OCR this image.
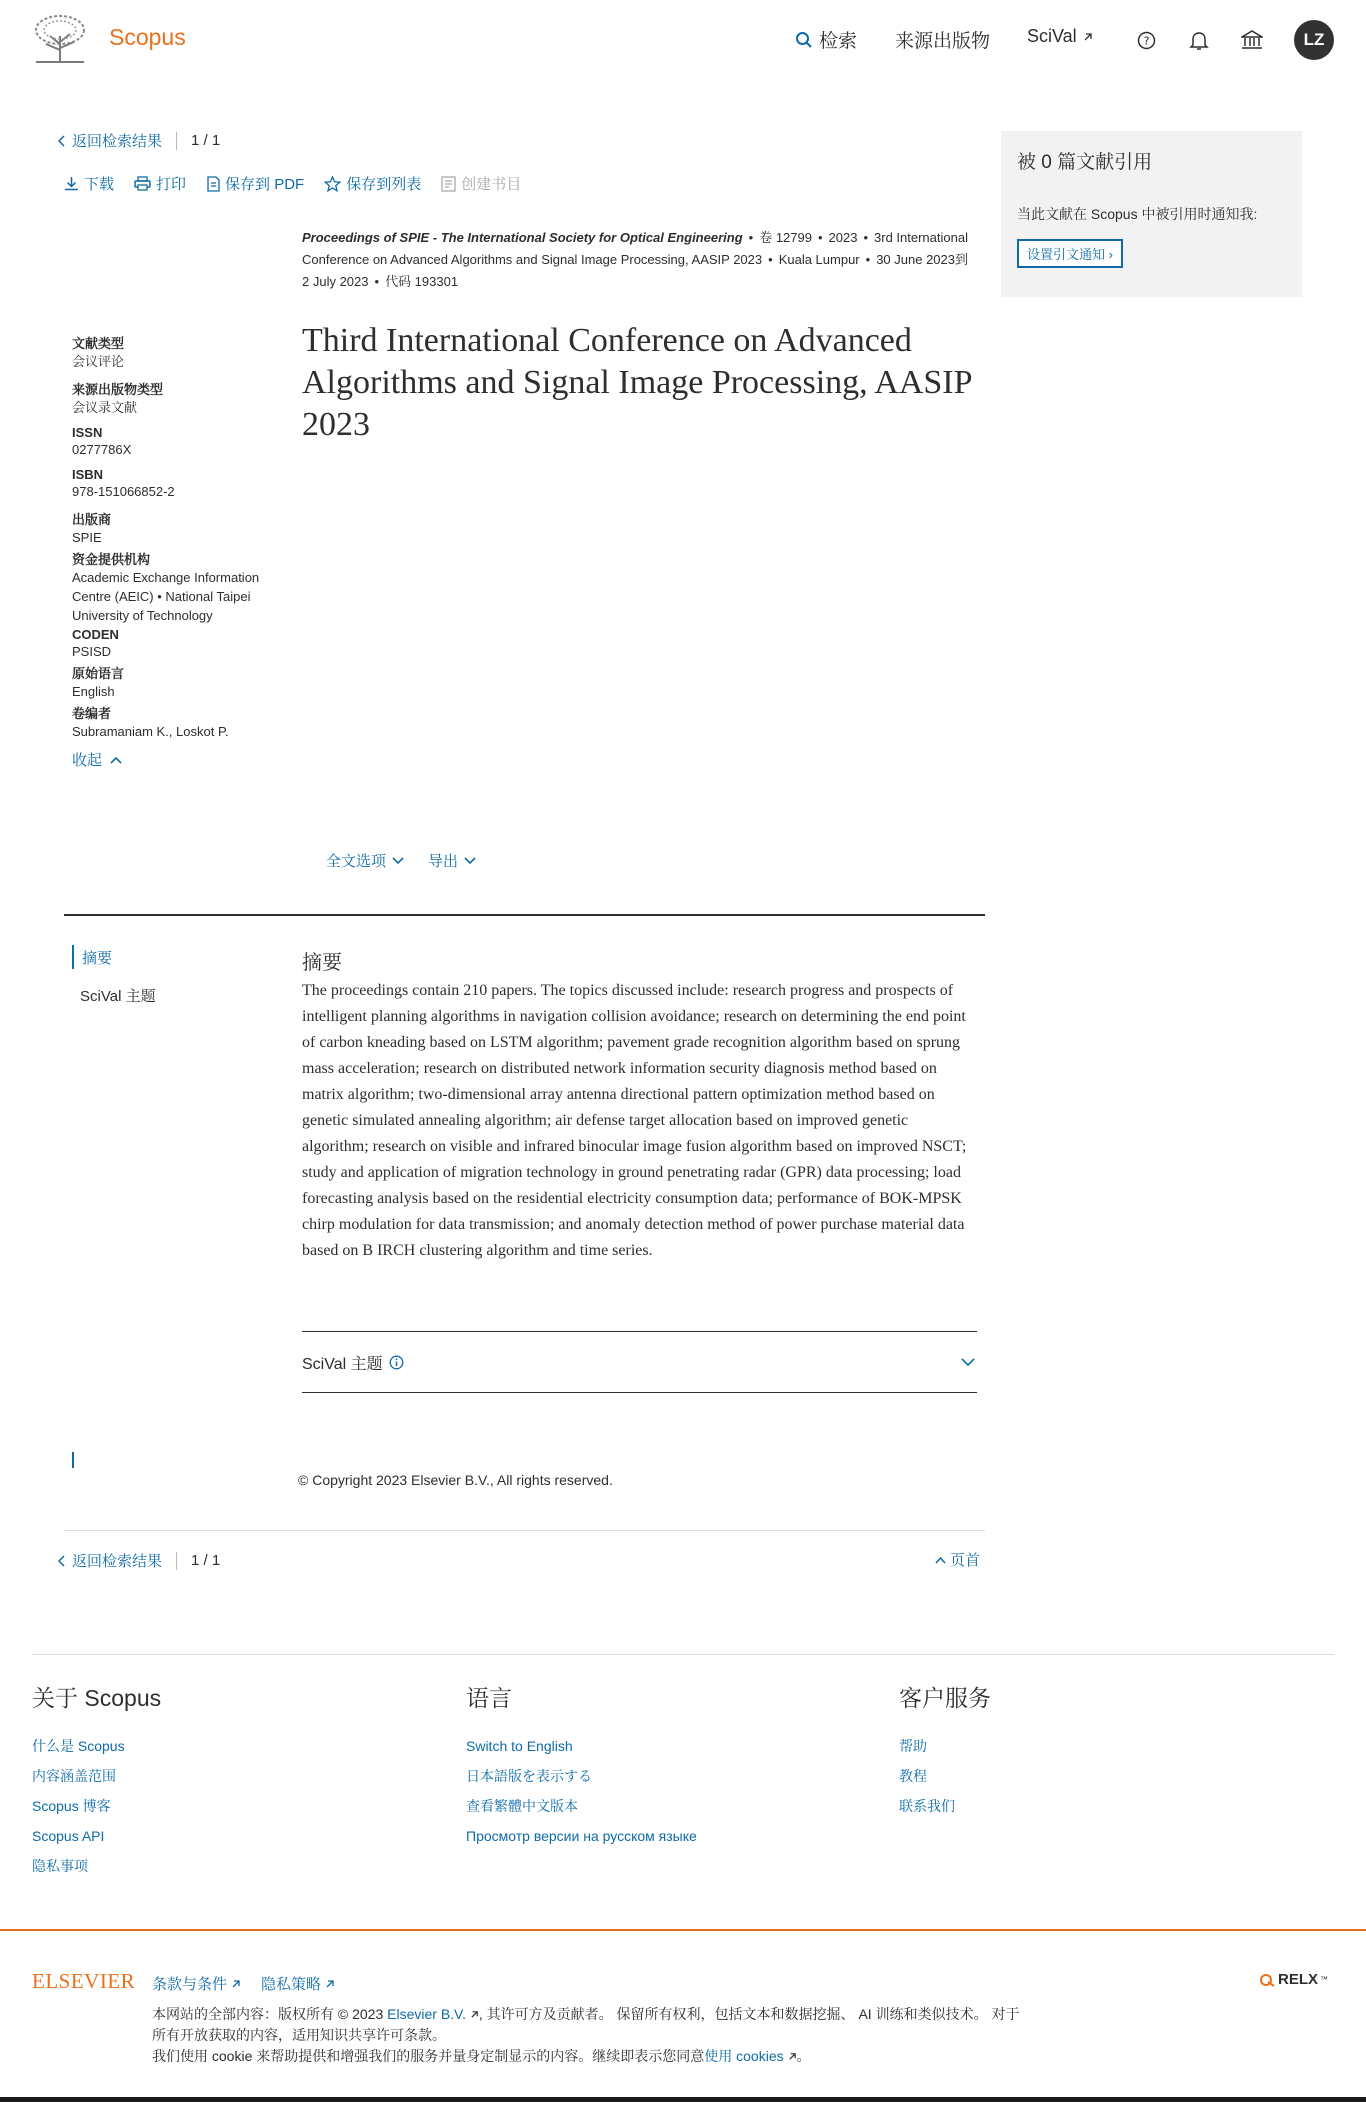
Scopus	检索 来源出版物 SciVal	?	LZ
返回检索结果 1 / 1
下载	打印	保存到 PDF	保存到列表	创建书目
被 0 篇文献引用
当此文献在 Scopus 中被引用时通知我:
设置引文通知 ›
Proceedings of SPIE - The International Society for Optical Engineering • 卷 12799 • 2023 • 3rd International Conference on Advanced Algorithms and Signal Image Processing, AASIP 2023 • Kuala Lumpur • 30 June 2023到 2 July 2023 • 代码 193301
文献类型
会议评论
来源出版物类型
会议录文献
ISSN
0277786X
ISBN
978-151066852-2
出版商
SPIE
资金提供机构
Academic Exchange Information Centre (AEIC) • National Taipei University of Technology
CODEN
PSISD
原始语言
English
卷编者
Subramaniam K., Loskot P.
收起
Third International Conference on Advanced Algorithms and Signal Image Processing, AASIP 2023
全文选项	导出
摘要
SciVal 主题
摘要

The proceedings contain 210 papers. The topics discussed include: research progress and prospects of intelligent planning algorithms in navigation collision avoidance; research on determining the end point of carbon kneading based on LSTM algorithm; pavement grade recognition algorithm based on sprung mass acceleration; research on distributed network information security diagnosis method based on matrix algorithm; two-dimensional array antenna directional pattern optimization method based on genetic simulated annealing algorithm; air defense target allocation based on improved genetic algorithm; research on visible and infrared binocular image fusion algorithm based on improved NSCT; study and application of migration technology in ground penetrating radar (GPR) data processing; load forecasting analysis based on the residential electricity consumption data; performance of BOK-MPSK chirp modulation for data transmission; and anomaly detection method of power purchase material data based on B IRCH clustering algorithm and time series.

SciVal 主题
© Copyright 2023 Elsevier B.V., All rights reserved.
返回检索结果 1 / 1	页首
关于 Scopus
什么是 Scopus
内容涵盖范围
Scopus 博客
Scopus API
隐私事项
语言
Switch to English
日本語版を表示する
查看繁體中文版本
Просмотр версии на русском языке
客户服务
帮助
教程
联系我们
ELSEVIER 条款与条件 隐私策略	RELX ™
本网站的全部内容：版权所有 © 2023 Elsevier B.V. , 其许可方及贡献者。 保留所有权利，包括文本和数据挖掘、 AI 训练和类似技术。 对于所有开放获取的内容，适用知识共享许可条款。
我们使用 cookie 来帮助提供和增强我们的服务并量身定制显示的内容。继续即表示您同意使用 cookies 。
